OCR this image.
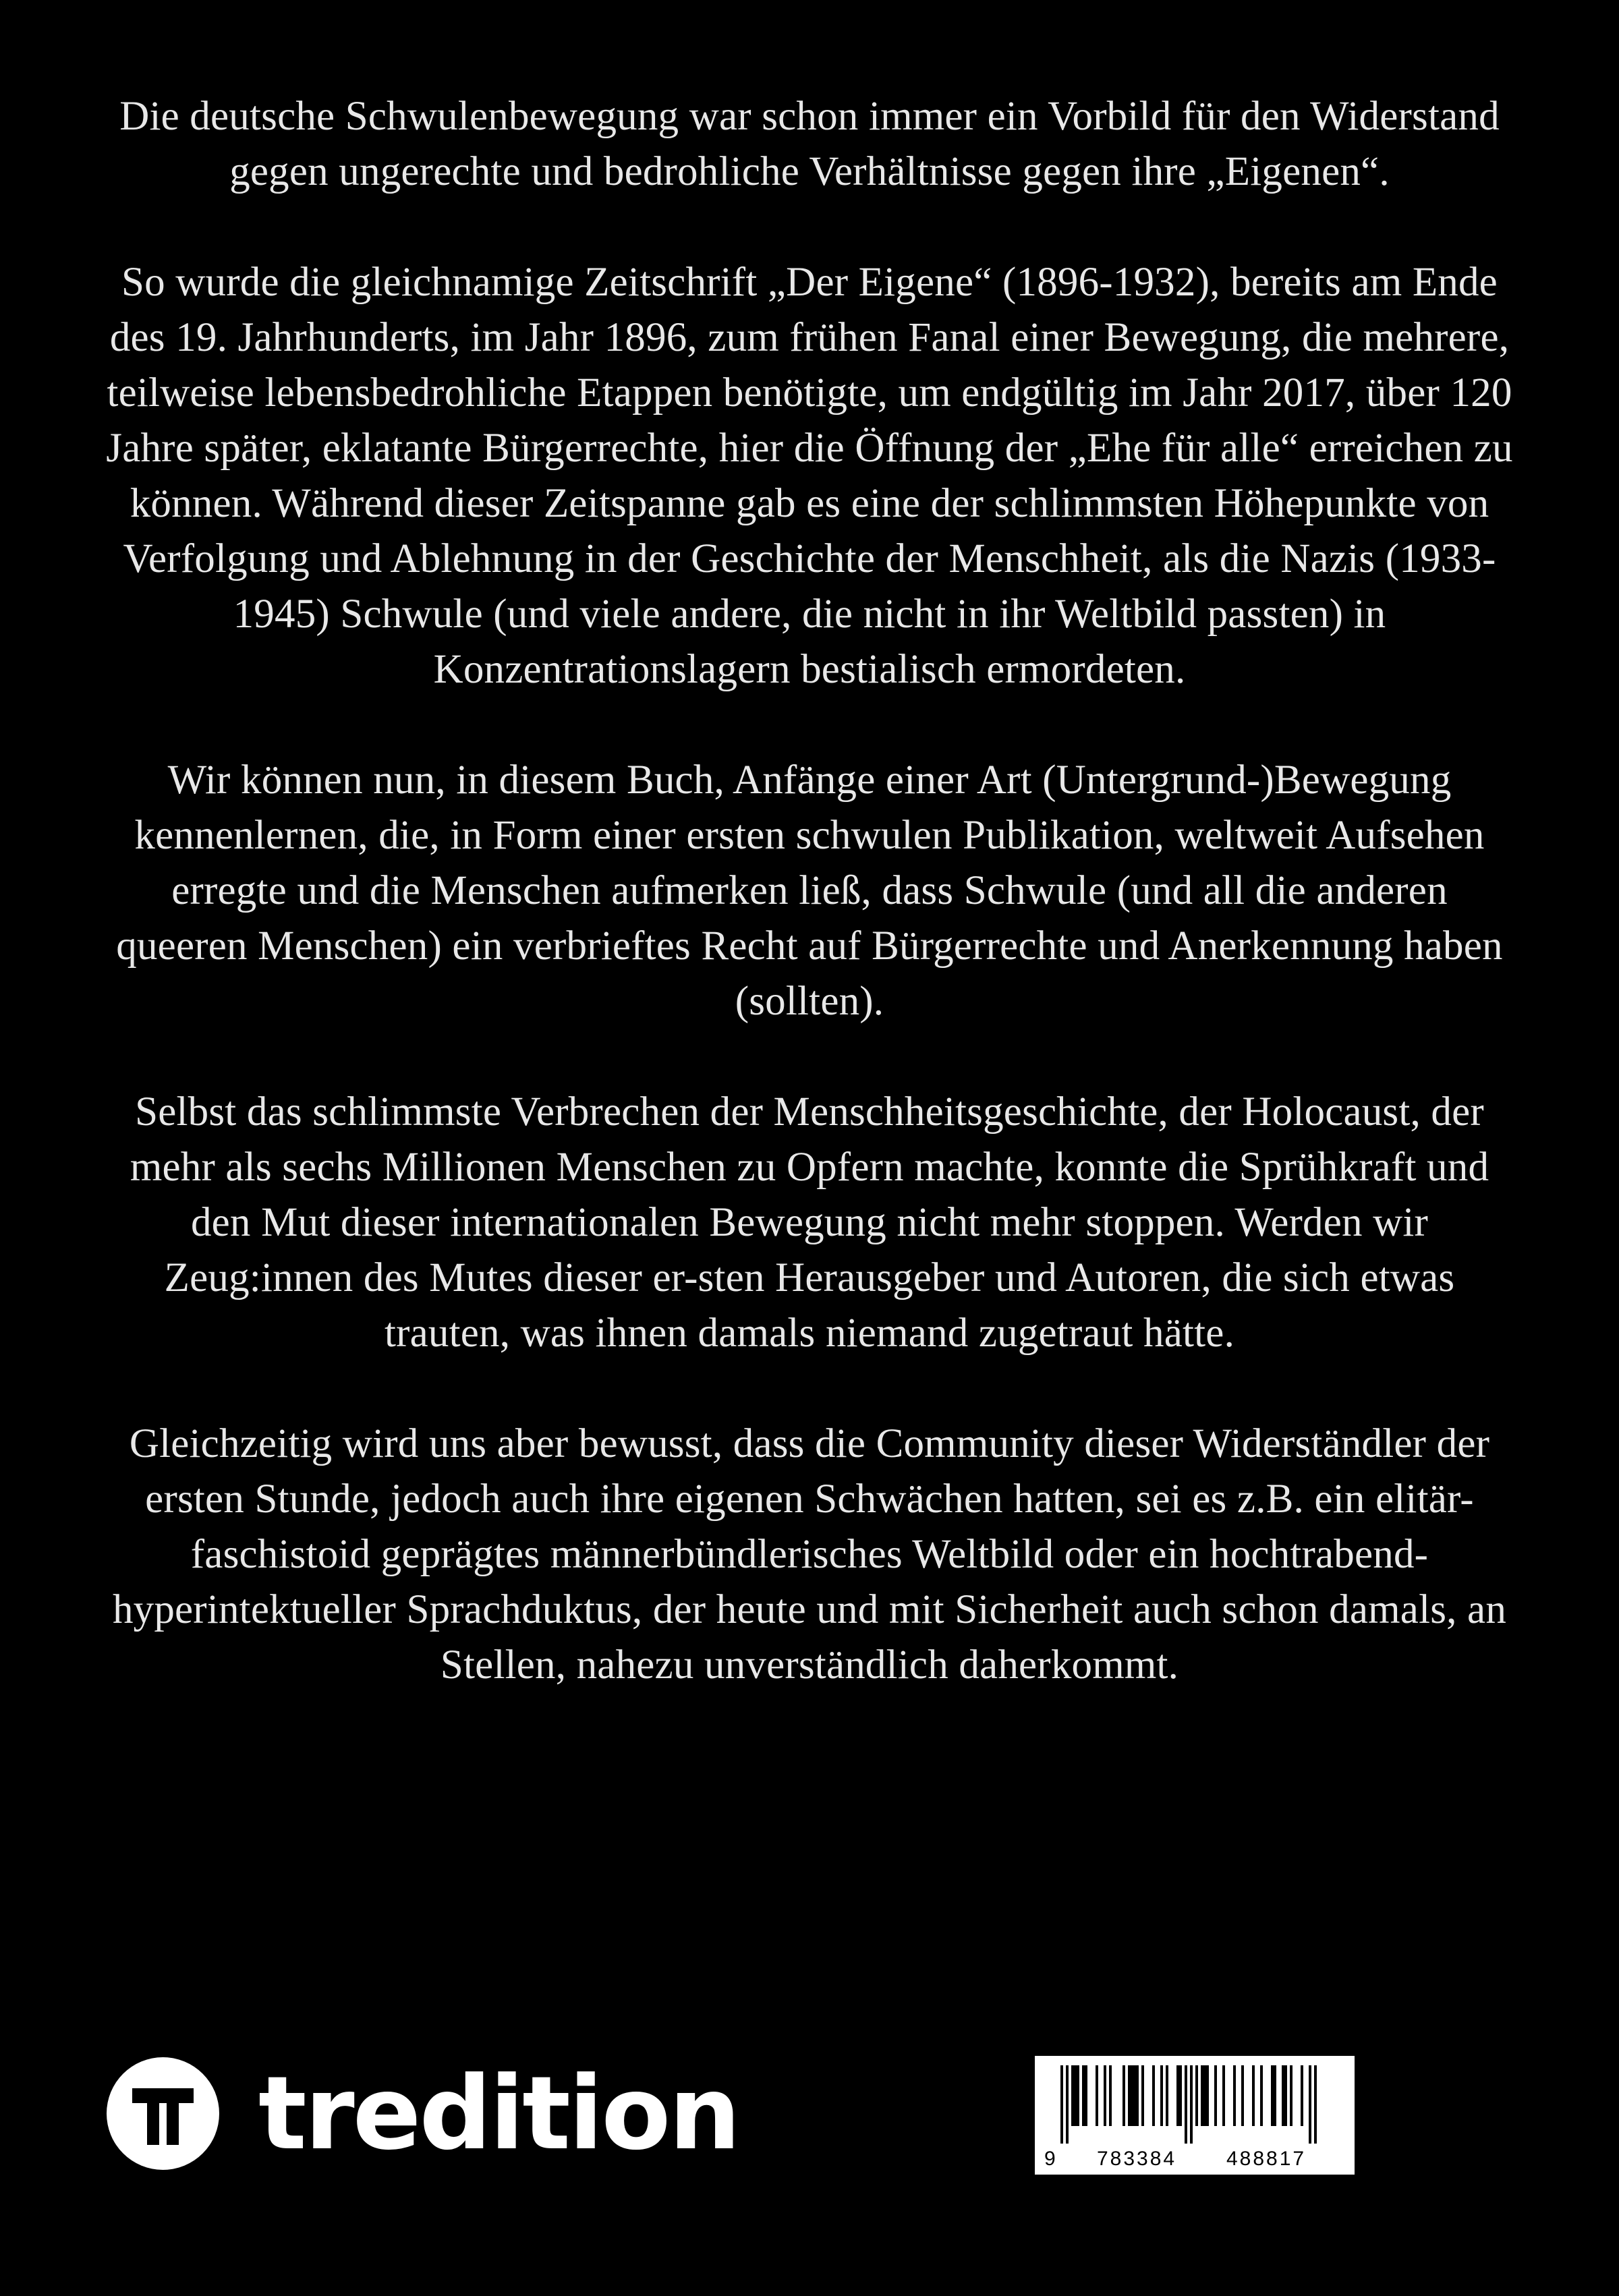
Die deutsche Schwulenbewegung war schon immer ein Vorbild für den Widerstand gegen ungerechte und bedrohliche Verhältnisse gegen ihre „Eigenen“.

So wurde die gleichnamige Zeitschrift „Der Eigene“ (1896-1932), bereits am Ende des 19. Jahrhunderts, im Jahr 1896, zum frühen Fanal einer Bewegung, die mehrere, teilweise lebensbedrohliche Etappen benötigte, um endgültig im Jahr 2017, über 120 Jahre später, eklatante Bürgerrechte, hier die Öffnung der „Ehe für alle“ erreichen zu können. Während dieser Zeitspanne gab es eine der schlimmsten Höhepunkte von Verfolgung und Ablehnung in der Geschichte der Menschheit, als die Nazis (1933-1945) Schwule (und viele andere, die nicht in ihr Weltbild passten) in Konzentrationslagern bestialisch ermordeten.

Wir können nun, in diesem Buch, Anfänge einer Art (Untergrund-)Bewegung kennenlernen, die, in Form einer ersten schwulen Publikation, weltweit Aufsehen erregte und die Menschen aufmerken ließ, dass Schwule (und all die anderen queeren Menschen) ein verbrieftes Recht auf Bürgerrechte und Anerkennung haben (sollten).

Selbst das schlimmste Verbrechen der Menschheitsgeschichte, der Holocaust, der mehr als sechs Millionen Menschen zu Opfern machte, konnte die Sprühkraft und den Mut dieser internationalen Bewegung nicht mehr stoppen. Werden wir Zeug:innen des Mutes dieser er-sten Herausgeber und Autoren, die sich etwas trauten, was ihnen damals niemand zugetraut hätte.

Gleichzeitig wird uns aber bewusst, dass die Community dieser Widerständler der ersten Stunde, jedoch auch ihre eigenen Schwächen hatten, sei es z.B. ein elitär-faschistoid geprägtes männerbündlerisches Weltbild oder ein hochtrabend-hyperintektueller Sprachduktus, der heute und mit Sicherheit auch schon damals, an Stellen, nahezu unverständlich daherkommt.

tredition	9 783384 488817
